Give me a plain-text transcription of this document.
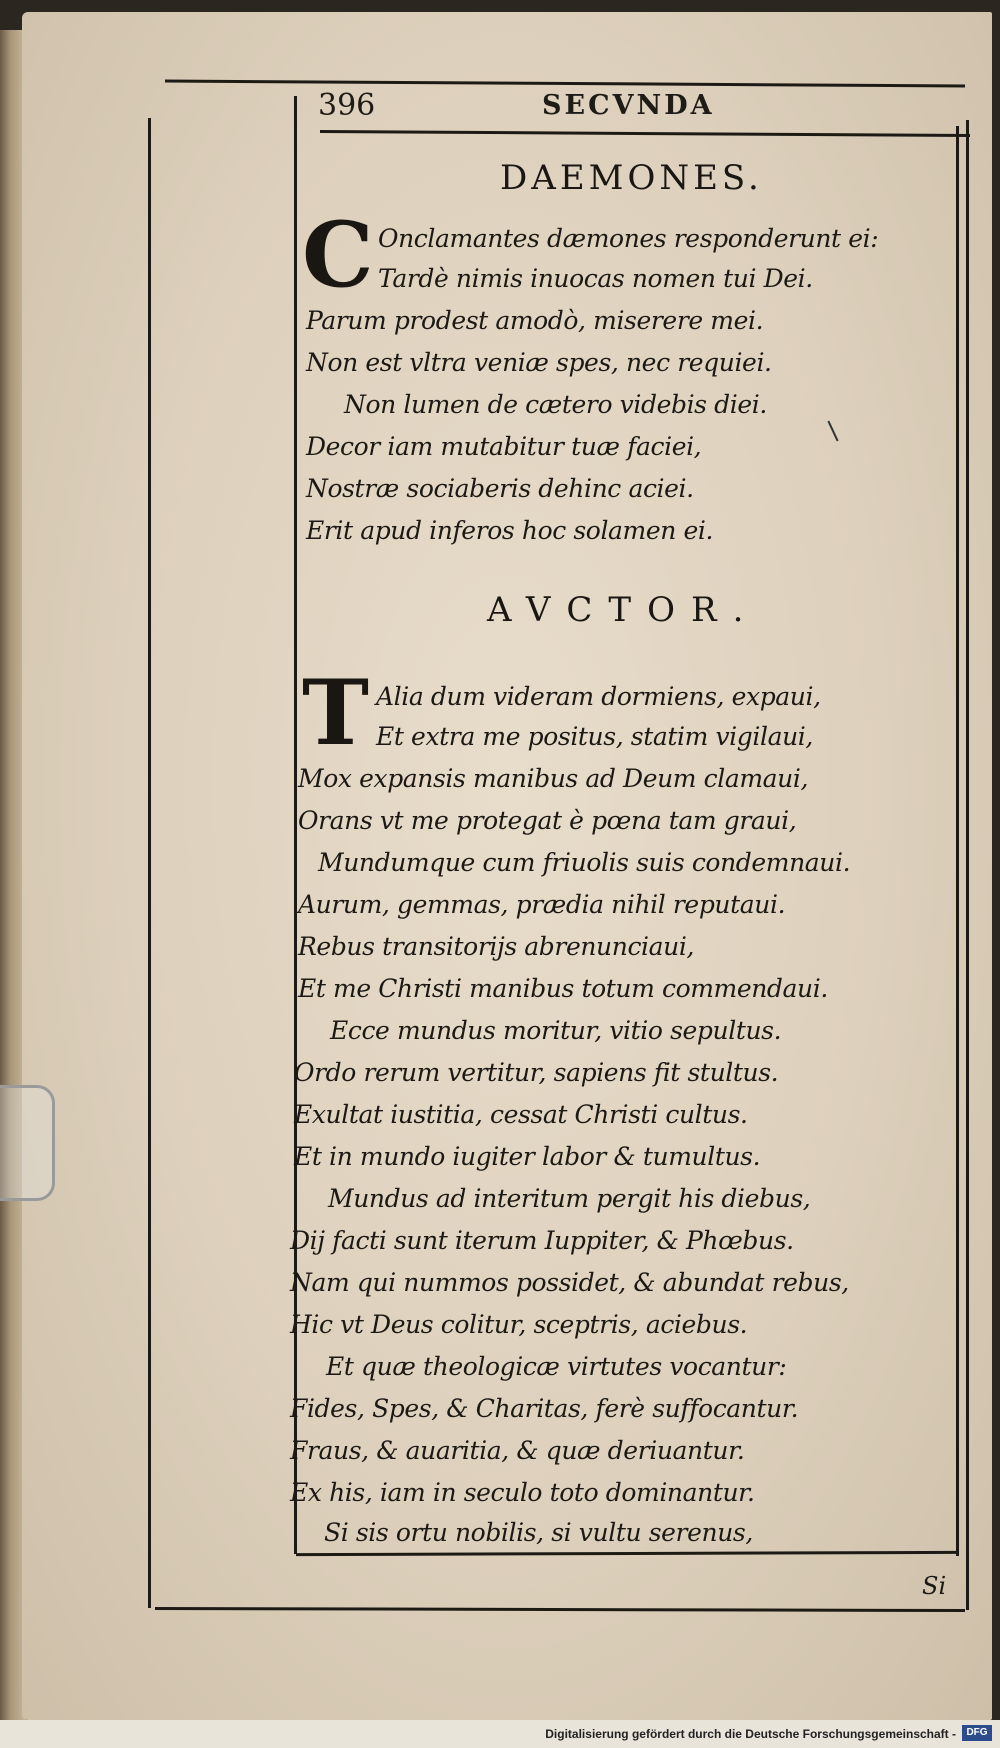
396	SECVNDA
DAEMONES.
C Onclamantes dæmones responderunt ei:
Tardè nimis inuocas nomen tui Dei.
Parum prodest amodò, miserere mei.
Non est vltra veniæ spes, nec requiei.
Non lumen de cætero videbis diei.
Decor iam mutabitur tuæ faciei,
Nostræ sociaberis dehinc aciei.
Erit apud inferos hoc solamen ei.
AVCTOR.
T Alia dum videram dormiens, expaui,
Et extra me positus, statim vigilaui,
Mox expansis manibus ad Deum clamaui,
Orans vt me protegat è pœna tam graui,
Mundumque cum friuolis suis condemnaui.
Aurum, gemmas, prædia nihil reputaui.
Rebus transitorijs abrenunciaui,
Et me Christi manibus totum commendaui.
Ecce mundus moritur, vitio sepultus.
Ordo rerum vertitur, sapiens fit stultus.
Exultat iustitia, cessat Christi cultus.
Et in mundo iugiter labor & tumultus.
Mundus ad interitum pergit his diebus,
Dij facti sunt iterum Iuppiter, & Phœbus.
Nam qui nummos possidet, & abundat rebus,
Hic vt Deus colitur, sceptris, aciebus.
Et quæ theologicæ virtutes vocantur:
Fides, Spes, & Charitas, ferè suffocantur.
Fraus, & auaritia, & quæ deriuantur.
Ex his, iam in seculo toto dominantur.
Si sis ortu nobilis, si vultu serenus,
Si
Digitalisierung gefördert durch die Deutsche Forschungsgemeinschaft -	DFG
